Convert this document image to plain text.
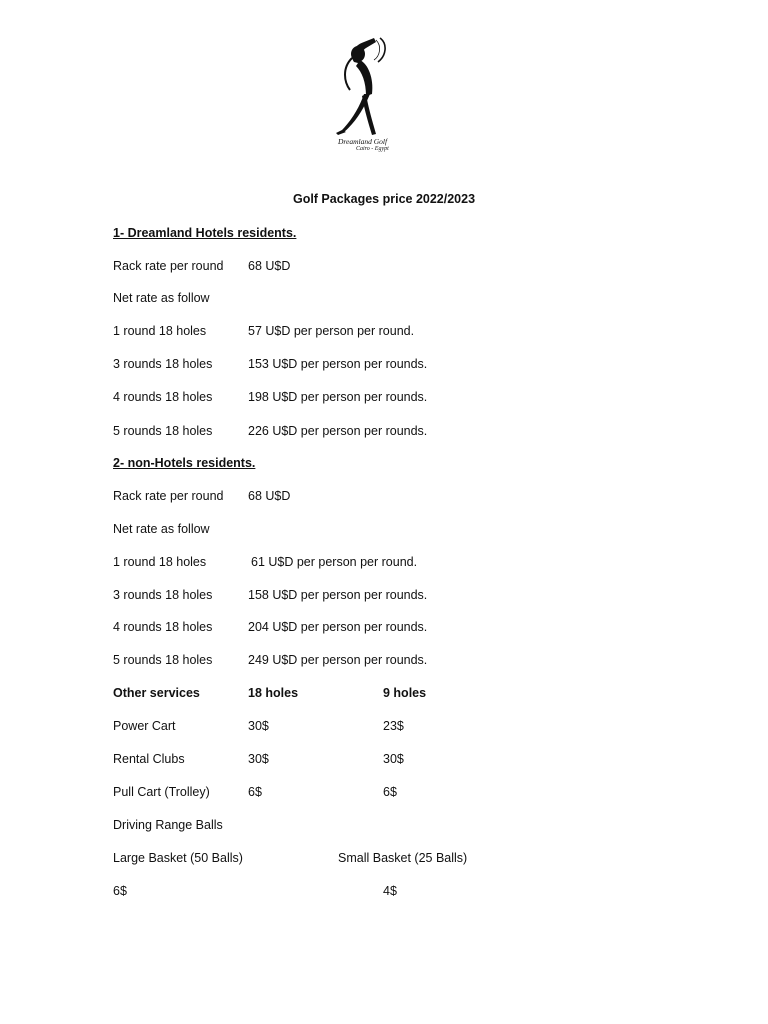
Dreamland Golf
Cairo - Egypt
Golf Packages price 2022/2023
1- Dreamland Hotels residents.
Rack rate per round 68 U$D
Net rate as follow
1 round 18 holes	57 U$D per person per round.
3 rounds 18 holes	153 U$D per person per rounds.
4 rounds 18 holes	198 U$D per person per rounds.
5 rounds 18 holes	226 U$D per person per rounds.
2- non-Hotels residents.
Rack rate per round 68 U$D
Net rate as follow
1 round 18 holes	61 U$D per person per round.
3 rounds 18 holes	158 U$D per person per rounds.
4 rounds 18 holes	204 U$D per person per rounds.
5 rounds 18 holes	249 U$D per person per rounds.
Other services	18 holes	9 holes
Power Cart	30$	23$
Rental Clubs	30$	30$
Pull Cart (Trolley)	6$	6$
Driving Range Balls
Large Basket (50 Balls)	Small Basket (25 Balls)
6$	4$
